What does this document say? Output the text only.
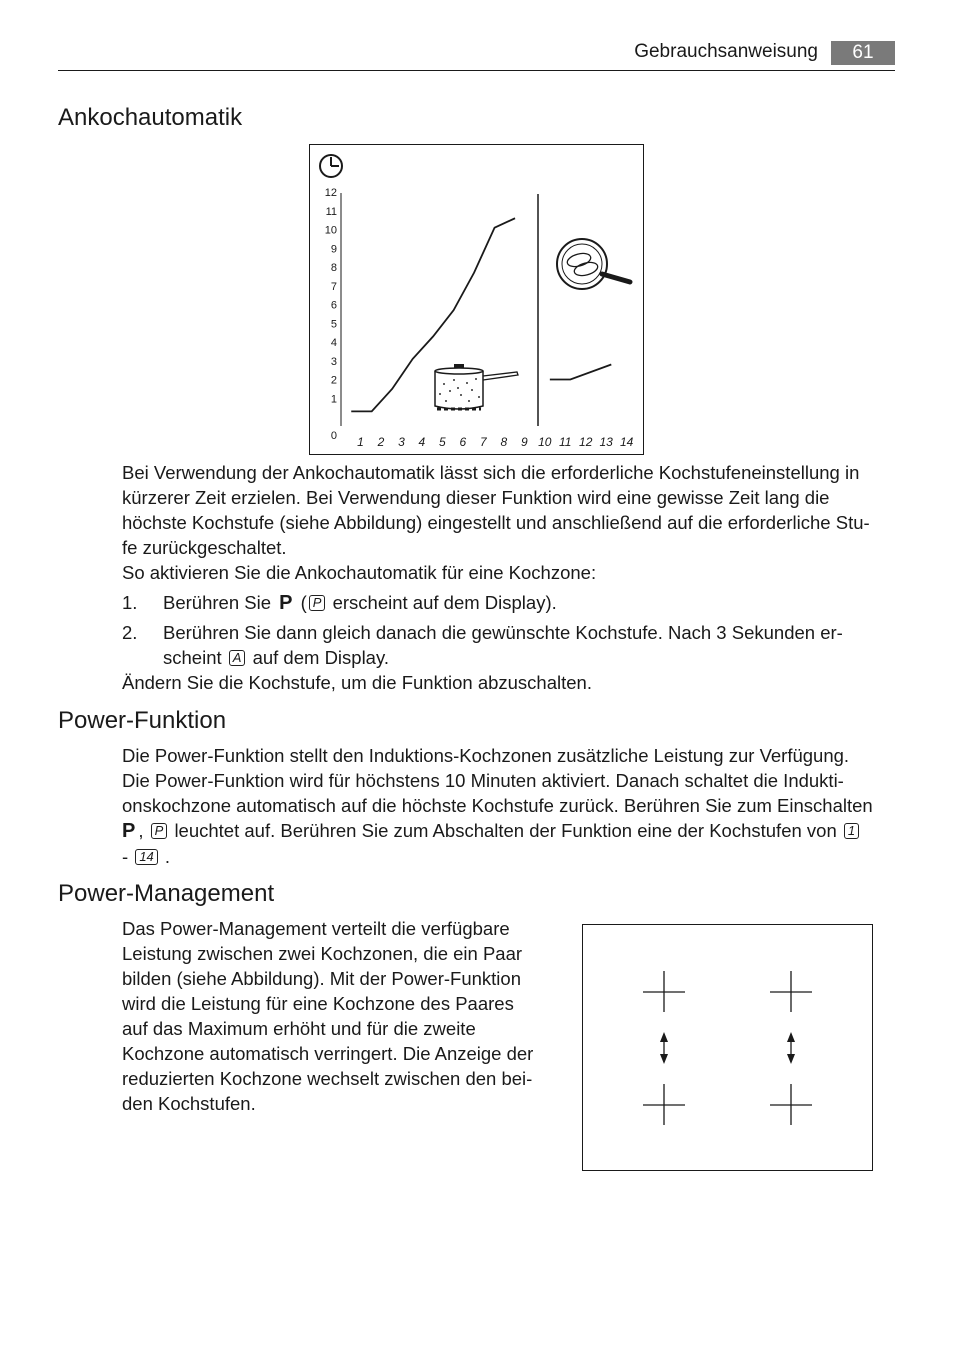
Gebrauchsanweisung	61
Ankochautomatik
0
1
2
3
4
5
6
7
8
9
10
11
12
1 2 3 4 5 6 7 8 9 10 11 12 13 14
Bei Verwendung der Ankochautomatik lässt sich die erforderliche Kochstufeneinstellung in
kürzerer Zeit erzielen. Bei Verwendung dieser Funktion wird eine gewisse Zeit lang die
höchste Kochstufe (siehe Abbildung) eingestellt und anschließend auf die erforderliche Stu-
fe zurückgeschaltet.
So aktivieren Sie die Ankochautomatik für eine Kochzone:
1. Berühren Sie P ( P erscheint auf dem Display).
2. Berühren Sie dann gleich danach die gewünschte Kochstufe. Nach 3 Sekunden er-
scheint A auf dem Display.
Ändern Sie die Kochstufe, um die Funktion abzuschalten.
Power-Funktion
Die Power-Funktion stellt den Induktions-Kochzonen zusätzliche Leistung zur Verfügung.
Die Power-Funktion wird für höchstens 10 Minuten aktiviert. Danach schaltet die Indukti-
onskochzone automatisch auf die höchste Kochstufe zurück. Berühren Sie zum Einschalten
P , P leuchtet auf. Berühren Sie zum Abschalten der Funktion eine der Kochstufen von 1
- 14 .
Power-Management
Das Power-Management verteilt die verfügbare
Leistung zwischen zwei Kochzonen, die ein Paar
bilden (siehe Abbildung). Mit der Power-Funktion
wird die Leistung für eine Kochzone des Paares
auf das Maximum erhöht und für die zweite
Kochzone automatisch verringert. Die Anzeige der
reduzierten Kochzone wechselt zwischen den bei-
den Kochstufen.
